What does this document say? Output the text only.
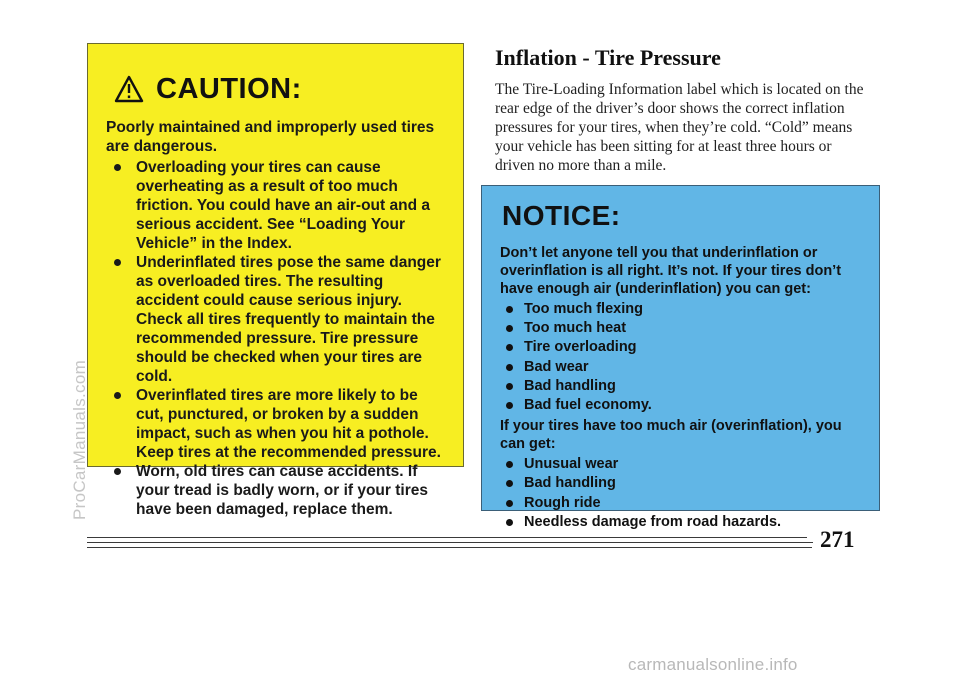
ProCarManuals.com
CAUTION:

Poorly maintained and improperly used tires are dangerous.

Overloading your tires can cause overheating as a result of too much friction. You could have an air-out and a serious accident. See “Loading Your Vehicle” in the Index.
Underinflated tires pose the same danger as overloaded tires. The resulting accident could cause serious injury. Check all tires frequently to maintain the recommended pressure. Tire pressure should be checked when your tires are cold.
Overinflated tires are more likely to be cut, punctured, or broken by a sudden impact, such as when you hit a pothole. Keep tires at the recommended pressure.
Worn, old tires can cause accidents. If your tread is badly worn, or if your tires have been damaged, replace them.
Inflation - Tire Pressure

The Tire-Loading Information label which is located on the rear edge of the driver’s door shows the correct inflation pressures for your tires, when they’re cold. “Cold” means your vehicle has been sitting for at least three hours or driven no more than a mile.

NOTICE:

Don’t let anyone tell you that underinflation or overinflation is all right. It’s not. If your tires don’t have enough air (underinflation) you can get:

Too much flexing
Too much heat
Tire overloading
Bad wear
Bad handling
Bad fuel economy.

If your tires have too much air (overinflation), you can get:

Unusual wear
Bad handling
Rough ride
Needless damage from road hazards.
271
carmanualsonline.info
